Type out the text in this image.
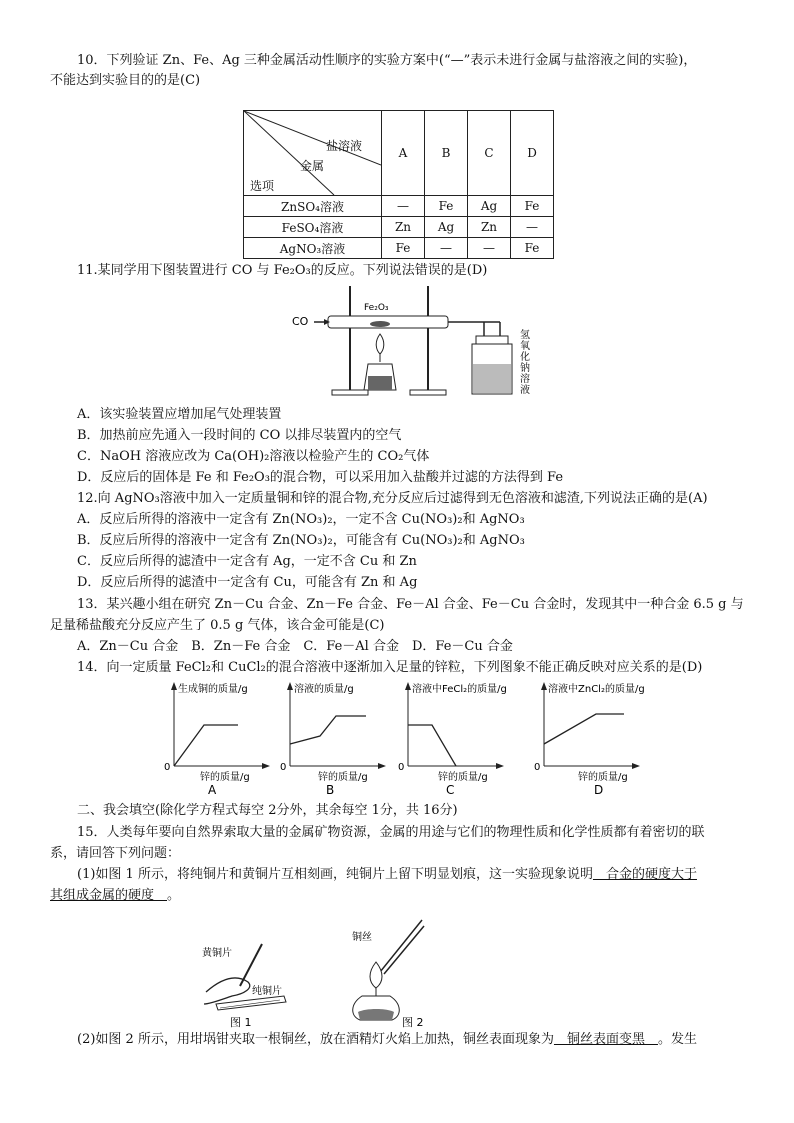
10．下列验证 Zn、Fe、Ag 三种金属活动性顺序的实验方案中(“—”表示未进行金属与盐溶液之间的实验)，
不能达到实验目的的是(C)
盐溶液
金属
选项	A	B	C	D
ZnSO₄溶液	—	Fe	Ag	Fe
FeSO₄溶液	Zn	Ag	Zn	—
AgNO₃溶液	Fe	—	—	Fe
11.某同学用下图装置进行 CO 与 Fe₂O₃的反应。下列说法错误的是(D)
CO
Fe₂O₃
氢
氧
化
钠
溶
液
A．该实验装置应增加尾气处理装置
B．加热前应先通入一段时间的 CO 以排尽装置内的空气
C．NaOH 溶液应改为 Ca(OH)₂溶液以检验产生的 CO₂气体
D．反应后的固体是 Fe 和 Fe₂O₃的混合物，可以采用加入盐酸并过滤的方法得到 Fe
12.向 AgNO₃溶液中加入一定质量铜和锌的混合物,充分反应后过滤得到无色溶液和滤渣,下列说法正确的是(A)
A．反应后所得的溶液中一定含有 Zn(NO₃)₂，一定不含 Cu(NO₃)₂和 AgNO₃
B．反应后所得的溶液中一定含有 Zn(NO₃)₂，可能含有 Cu(NO₃)₂和 AgNO₃
C．反应后所得的滤渣中一定含有 Ag，一定不含 Cu 和 Zn
D．反应后所得的滤渣中一定含有 Cu，可能含有 Zn 和 Ag
13．某兴趣小组在研究 Zn－Cu 合金、Zn－Fe 合金、Fe－Al 合金、Fe－Cu 合金时，发现其中一种合金 6.5 g 与
足量稀盐酸充分反应产生了 0.5 g 气体，该合金可能是(C)
A．Zn－Cu 合金　B．Zn－Fe 合金　C．Fe－Al 合金　D．Fe－Cu 合金
14．向一定质量 FeCl₂和 CuCl₂的混合溶液中逐渐加入足量的锌粒，下列图象不能正确反映对应关系的是(D)
生成铜的质量/g
0
锌的质量/g
A
溶液的质量/g
0
锌的质量/g
B
溶液中FeCl₂的质量/g
0
锌的质量/g
C
溶液中ZnCl₂的质量/g
0
锌的质量/g
D
二、我会填空(除化学方程式每空 2分外，其余每空 1分，共 16分)
15．人类每年要向自然界索取大量的金属矿物资源，金属的用途与它们的物理性质和化学性质都有着密切的联
系，请回答下列问题：
(1)如图 1 所示，将纯铜片和黄铜片互相刻画，纯铜片上留下明显划痕，这一实验现象说明　合金的硬度大于
其组成金属的硬度　。
黄铜片
纯铜片
图 1
铜丝
图 2
(2)如图 2 所示，用坩埚钳夹取一根铜丝，放在酒精灯火焰上加热，铜丝表面现象为　铜丝表面变黑　。发生
